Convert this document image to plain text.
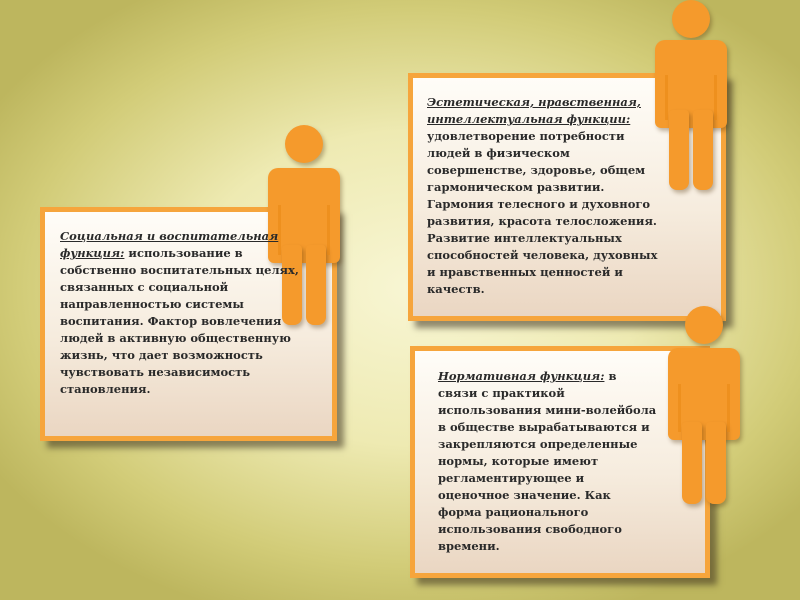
Социальная и воспитательная функция: использование в собственно воспитательных целях, связанных с социальной направленностью системы воспитания. Фактор вовлечения людей в активную общественную жизнь, что дает возможность чувствовать независимость становления.
Эстетическая, нравственная, интеллектуальная функции: удовлетворение потребности людей в физическом совершенстве, здоровье, общем гармоническом развитии. Гармония телесного и духовного развития, красота телосложения. Развитие интеллектуальных способностей человека, духовных и нравственных ценностей и качеств.
Нормативная функция: в связи с практикой использования мини-волейбола в обществе вырабатываются и закрепляются определенные нормы, которые имеют регламентирующее и оценочное значение. Как форма рационального использования свободного времени.
